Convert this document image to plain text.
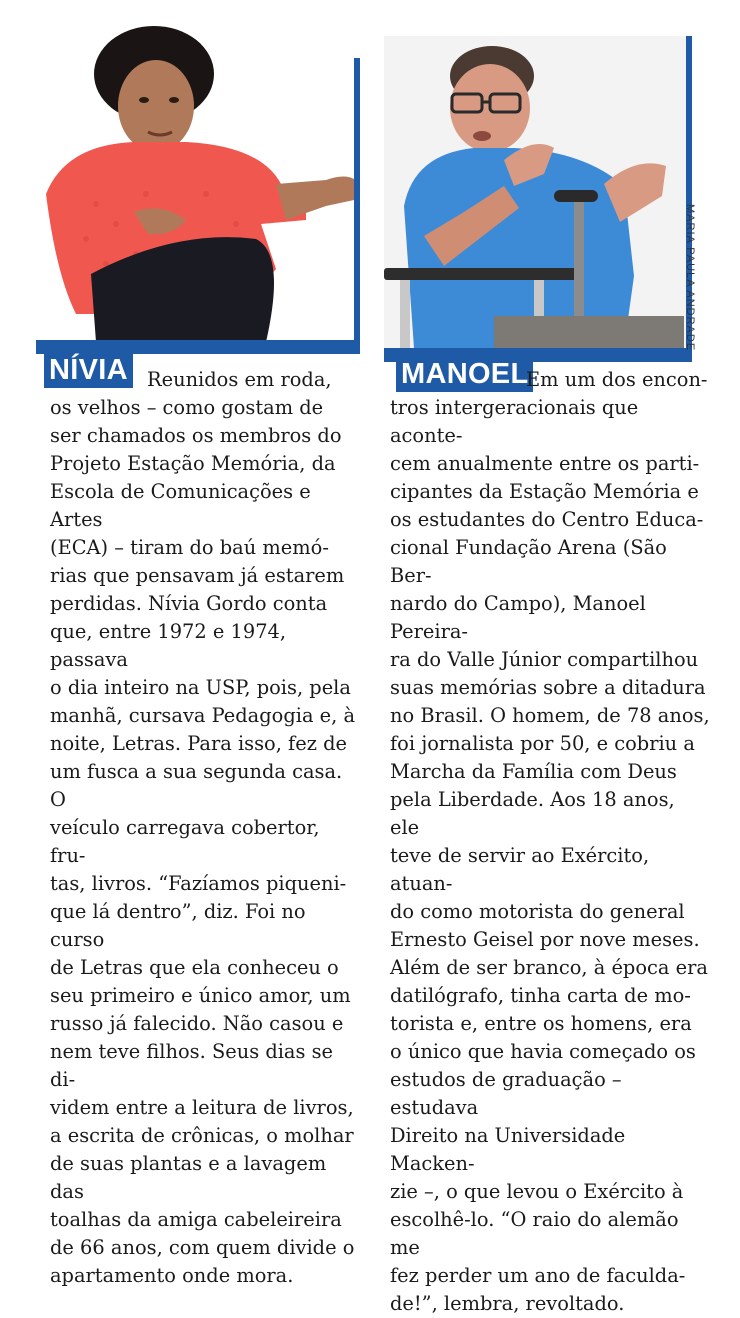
MARIA PAULA ANDRADE
NÍVIA	MANOEL
Reunidos em roda,
os velhos – como gostam de
ser chamados os membros do
Projeto Estação Memória, da
Escola de Comunicações e Artes
(ECA) – tiram do baú memó-
rias que pensavam já estarem
perdidas. Nívia Gordo conta
que, entre 1972 e 1974, passava
o dia inteiro na USP, pois, pela
manhã, cursava Pedagogia e, à
noite, Letras. Para isso, fez de
um fusca a sua segunda casa. O
veículo carregava cobertor, fru-
tas, livros. “Fazíamos piqueni-
que lá dentro”, diz. Foi no curso
de Letras que ela conheceu o
seu primeiro e único amor, um
russo já falecido. Não casou e
nem teve filhos. Seus dias se di-
videm entre a leitura de livros,
a escrita de crônicas, o molhar
de suas plantas e a lavagem das
toalhas da amiga cabeleireira
de 66 anos, com quem divide o
apartamento onde mora.
Em um dos encon-
tros intergeracionais que aconte-
cem anualmente entre os parti-
cipantes da Estação Memória e
os estudantes do Centro Educa-
cional Fundação Arena (São Ber-
nardo do Campo), Manoel Pereira-
ra do Valle Júnior compartilhou
suas memórias sobre a ditadura
no Brasil. O homem, de 78 anos,
foi jornalista por 50, e cobriu a
Marcha da Família com Deus
pela Liberdade. Aos 18 anos, ele
teve de servir ao Exército, atuan-
do como motorista do general
Ernesto Geisel por nove meses.
Além de ser branco, à época era
datilógrafo, tinha carta de mo-
torista e, entre os homens, era
o único que havia começado os
estudos de graduação – estudava
Direito na Universidade Macken-
zie –, o que levou o Exército à
escolhê-lo. “O raio do alemão me
fez perder um ano de faculda-
de!”, lembra, revoltado.
